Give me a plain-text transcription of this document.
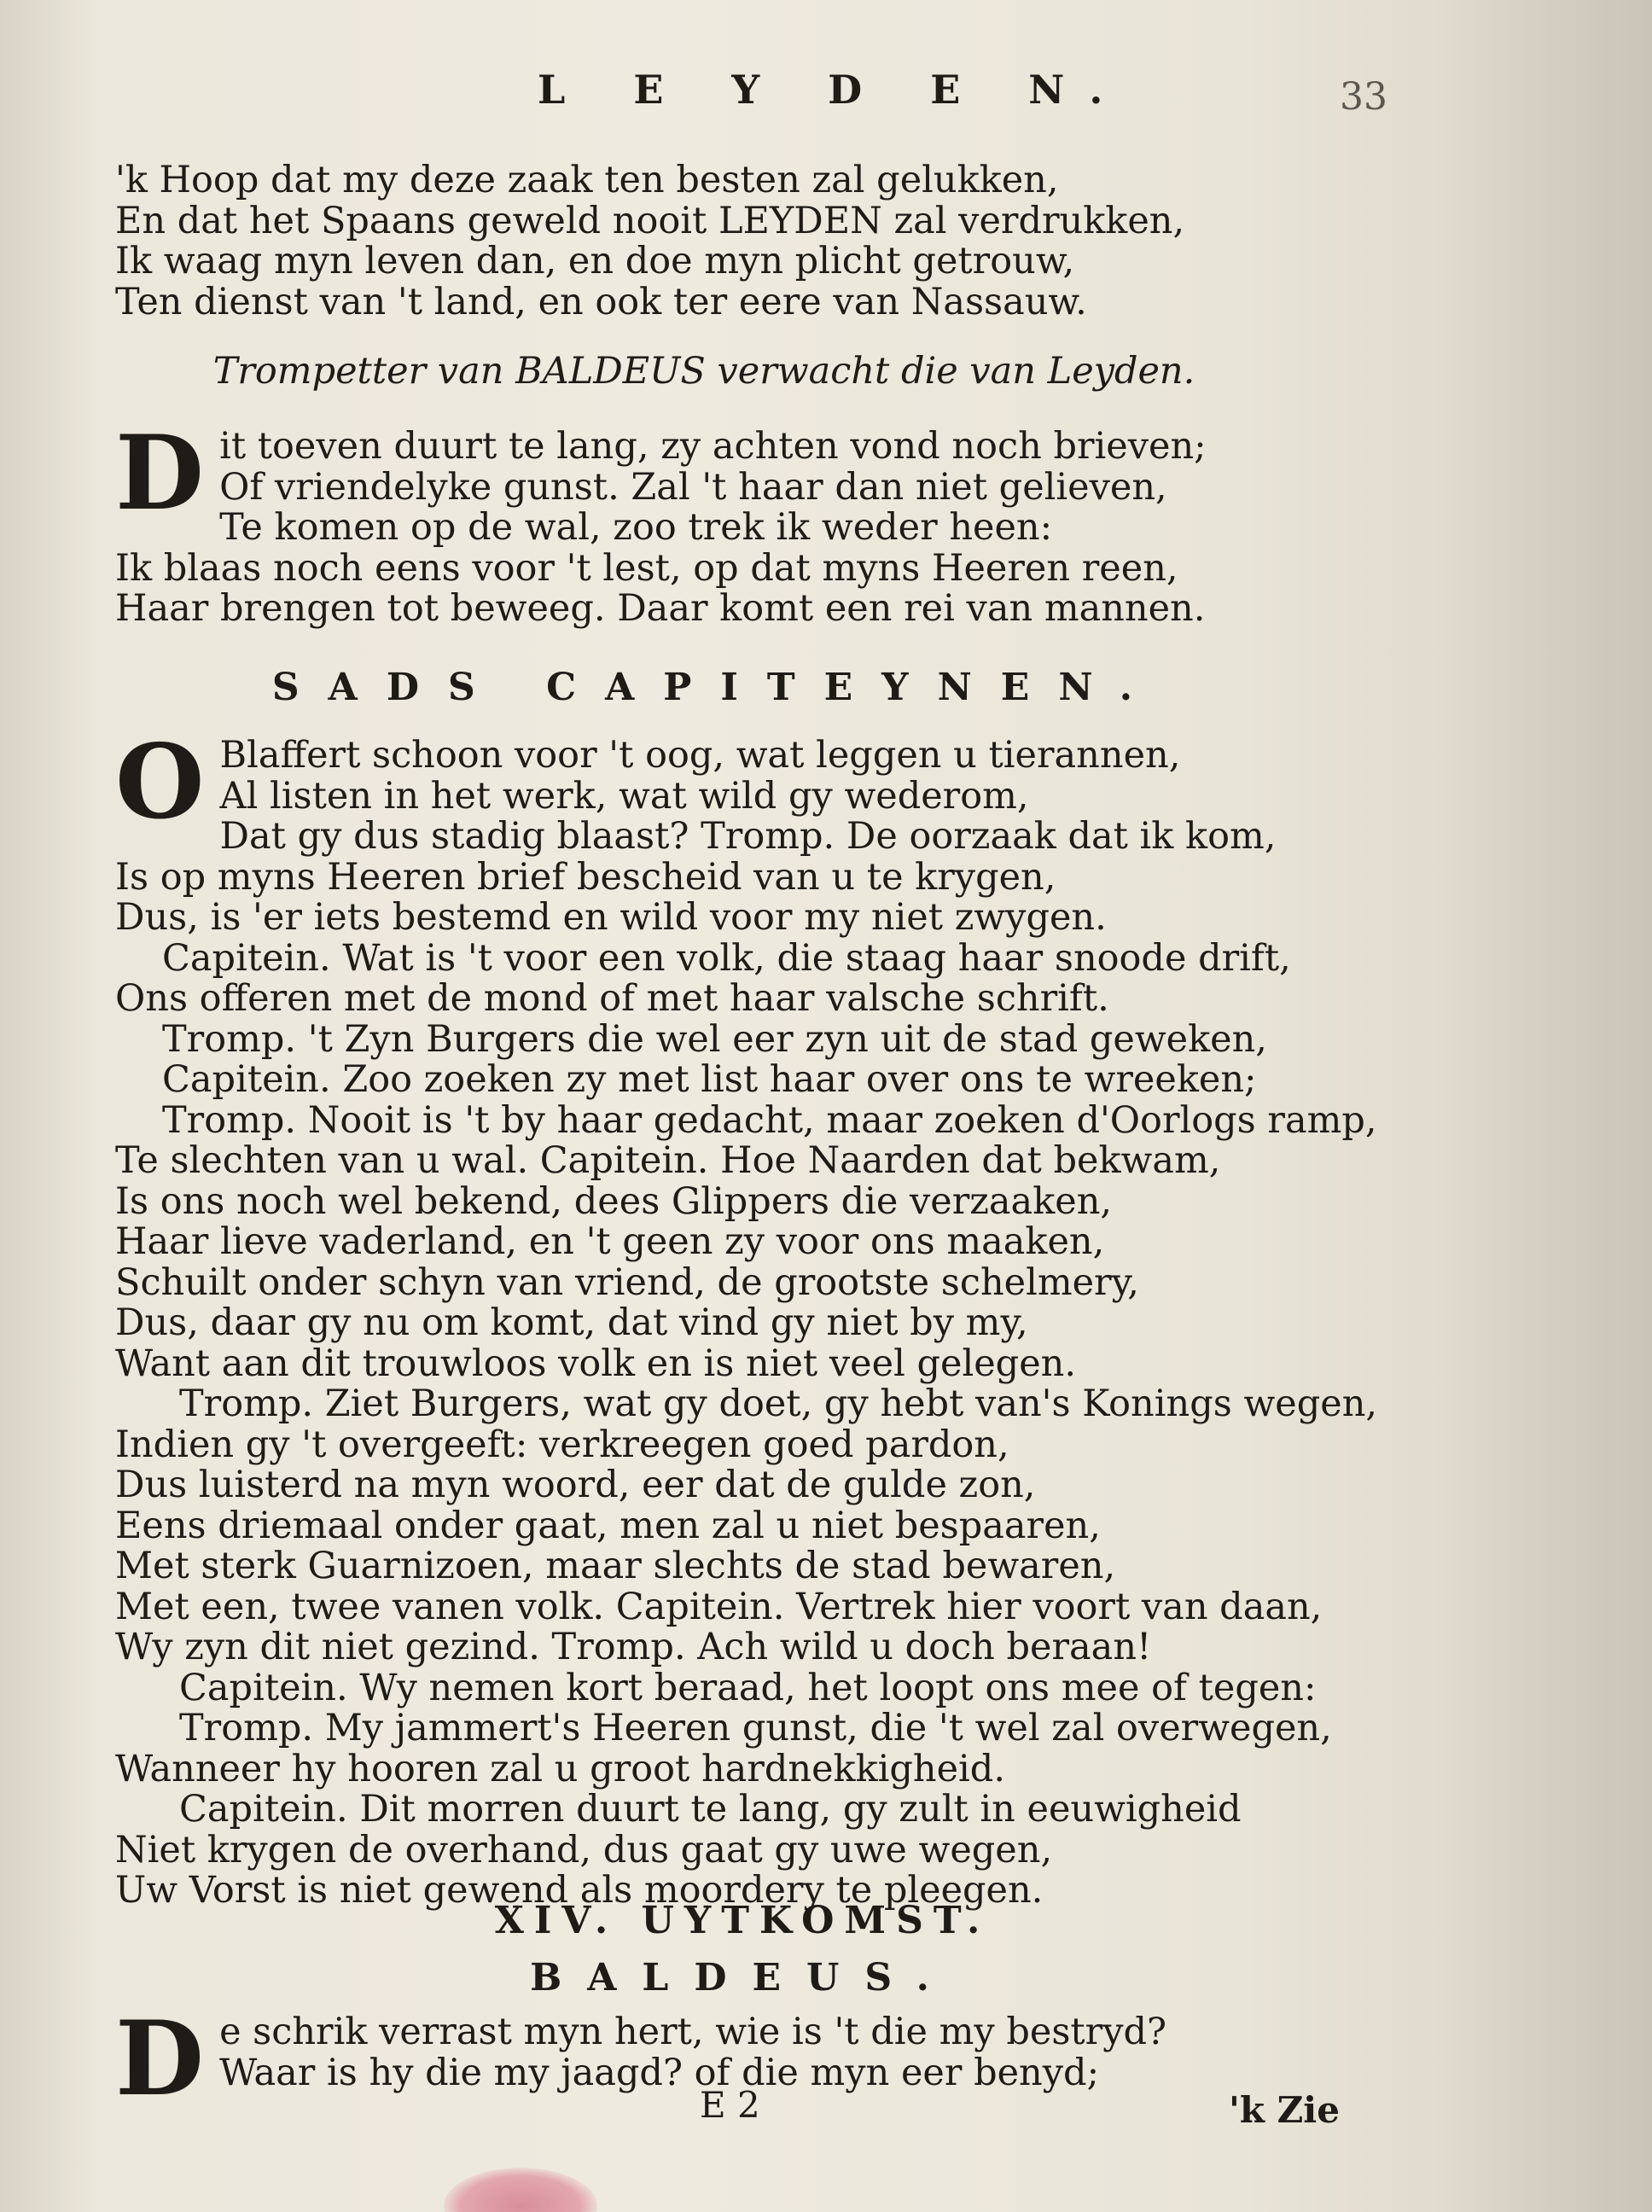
L E Y D E N.	33
'k Hoop dat my deze zaak ten besten zal gelukken,
En dat het Spaans geweld nooit LEYDEN zal verdrukken,
Ik waag myn leven dan, en doe myn plicht getrouw,
Ten dienst van 't land, en ook ter eere van Nassauw.
Trompetter van BALDEUS verwacht die van Leyden.
D it toeven duurt te lang, zy achten vond noch brieven;
Of vriendelyke gunst. Zal 't haar dan niet gelieven,
Te komen op de wal, zoo trek ik weder heen:
Ik blaas noch eens voor 't lest, op dat myns Heeren reen,
Haar brengen tot beweeg. Daar komt een rei van mannen.
SADS CAPITEYNEN.
O Blaffert schoon voor 't oog, wat leggen u tierannen,
Al listen in het werk, wat wild gy wederom,
Dat gy dus stadig blaast? Tromp. De oorzaak dat ik kom,
Is op myns Heeren brief bescheid van u te krygen,
Dus, is 'er iets bestemd en wild voor my niet zwygen.
Capitein. Wat is 't voor een volk, die staag haar snoode drift,
Ons offeren met de mond of met haar valsche schrift.
Tromp. 't Zyn Burgers die wel eer zyn uit de stad geweken,
Capitein. Zoo zoeken zy met list haar over ons te wreeken;
Tromp. Nooit is 't by haar gedacht, maar zoeken d'Oorlogs ramp,
Te slechten van u wal. Capitein. Hoe Naarden dat bekwam,
Is ons noch wel bekend, dees Glippers die verzaaken,
Haar lieve vaderland, en 't geen zy voor ons maaken,
Schuilt onder schyn van vriend, de grootste schelmery,
Dus, daar gy nu om komt, dat vind gy niet by my,
Want aan dit trouwloos volk en is niet veel gelegen.
Tromp. Ziet Burgers, wat gy doet, gy hebt van's Konings wegen,
Indien gy 't overgeeft: verkreegen goed pardon,
Dus luisterd na myn woord, eer dat de gulde zon,
Eens driemaal onder gaat, men zal u niet bespaaren,
Met sterk Guarnizoen, maar slechts de stad bewaren,
Met een, twee vanen volk. Capitein. Vertrek hier voort van daan,
Wy zyn dit niet gezind. Tromp. Ach wild u doch beraan!
Capitein. Wy nemen kort beraad, het loopt ons mee of tegen:
Tromp. My jammert's Heeren gunst, die 't wel zal overwegen,
Wanneer hy hooren zal u groot hardnekkigheid.
Capitein. Dit morren duurt te lang, gy zult in eeuwigheid
Niet krygen de overhand, dus gaat gy uwe wegen,
Uw Vorst is niet gewend als moordery te pleegen.
XIV. UYTKOMST.
BALDEUS.
D e schrik verrast myn hert, wie is 't die my bestryd?
Waar is hy die my jaagd? of die myn eer benyd;
E 2	'k Zie
